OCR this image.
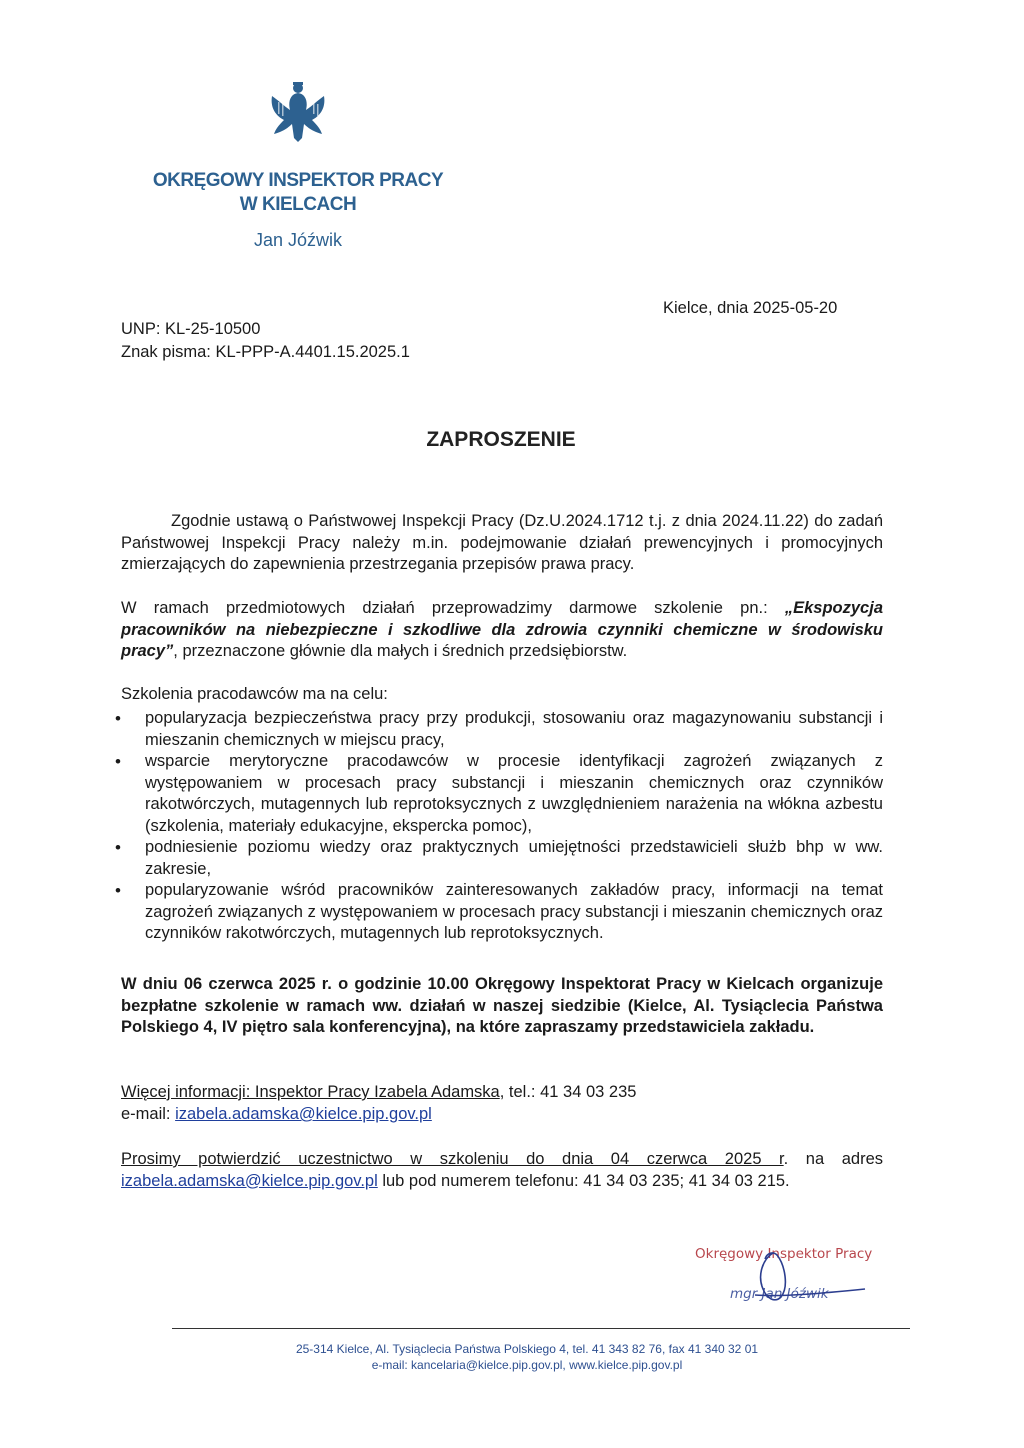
OKRĘGOWY INSPEKTOR PRACY
W KIELCACH
Jan Jóźwik
Kielce, dnia 2025-05-20
UNP: KL-25-10500
Znak pisma: KL-PPP-A.4401.15.2025.1
ZAPROSZENIE
Zgodnie ustawą o Państwowej Inspekcji Pracy (Dz.U.2024.1712 t.j. z dnia 2024.11.22) do zadań Państwowej Inspekcji Pracy należy m.in. podejmowanie działań prewencyjnych i promocyjnych zmierzających do zapewnienia przestrzegania przepisów prawa pracy.
W ramach przedmiotowych działań przeprowadzimy darmowe szkolenie pn.: „Ekspozycja pracowników na niebezpieczne i szkodliwe dla zdrowia czynniki chemiczne w środowisku pracy”, przeznaczone głównie dla małych i średnich przedsiębiorstw.
Szkolenia pracodawców ma na celu:
• popularyzacja bezpieczeństwa pracy przy produkcji, stosowaniu oraz magazynowaniu substancji i mieszanin chemicznych w miejscu pracy,
• wsparcie merytoryczne pracodawców w procesie identyfikacji zagrożeń związanych z występowaniem w procesach pracy substancji i mieszanin chemicznych oraz czynników rakotwórczych, mutagennych lub reprotoksycznych z uwzględnieniem narażenia na włókna azbestu (szkolenia, materiały edukacyjne, ekspercka pomoc),
• podniesienie poziomu wiedzy oraz praktycznych umiejętności przedstawicieli służb bhp w ww. zakresie,
• popularyzowanie wśród pracowników zainteresowanych zakładów pracy, informacji na temat zagrożeń związanych z występowaniem w procesach pracy substancji i mieszanin chemicznych oraz czynników rakotwórczych, mutagennych lub reprotoksycznych.
W dniu 06 czerwca 2025 r. o godzinie 10.00 Okręgowy Inspektorat Pracy w Kielcach organizuje bezpłatne szkolenie w ramach ww. działań w naszej siedzibie (Kielce, Al. Tysiąclecia Państwa Polskiego 4, IV piętro sala konferencyjna), na które zapraszamy przedstawiciela zakładu.
Więcej informacji: Inspektor Pracy Izabela Adamska, tel.: 41 34 03 235
e-mail: izabela.adamska@kielce.pip.gov.pl
Prosimy potwierdzić uczestnictwo w szkoleniu do dnia 04 czerwca 2025 r. na adres izabela.adamska@kielce.pip.gov.pl lub pod numerem telefonu: 41 34 03 235; 41 34 03 215.
Okręgowy Inspektor Pracy
mgr Jan Jóźwik
25-314 Kielce, Al. Tysiąclecia Państwa Polskiego 4, tel. 41 343 82 76, fax 41 340 32 01
e-mail: kancelaria@kielce.pip.gov.pl, www.kielce.pip.gov.pl
